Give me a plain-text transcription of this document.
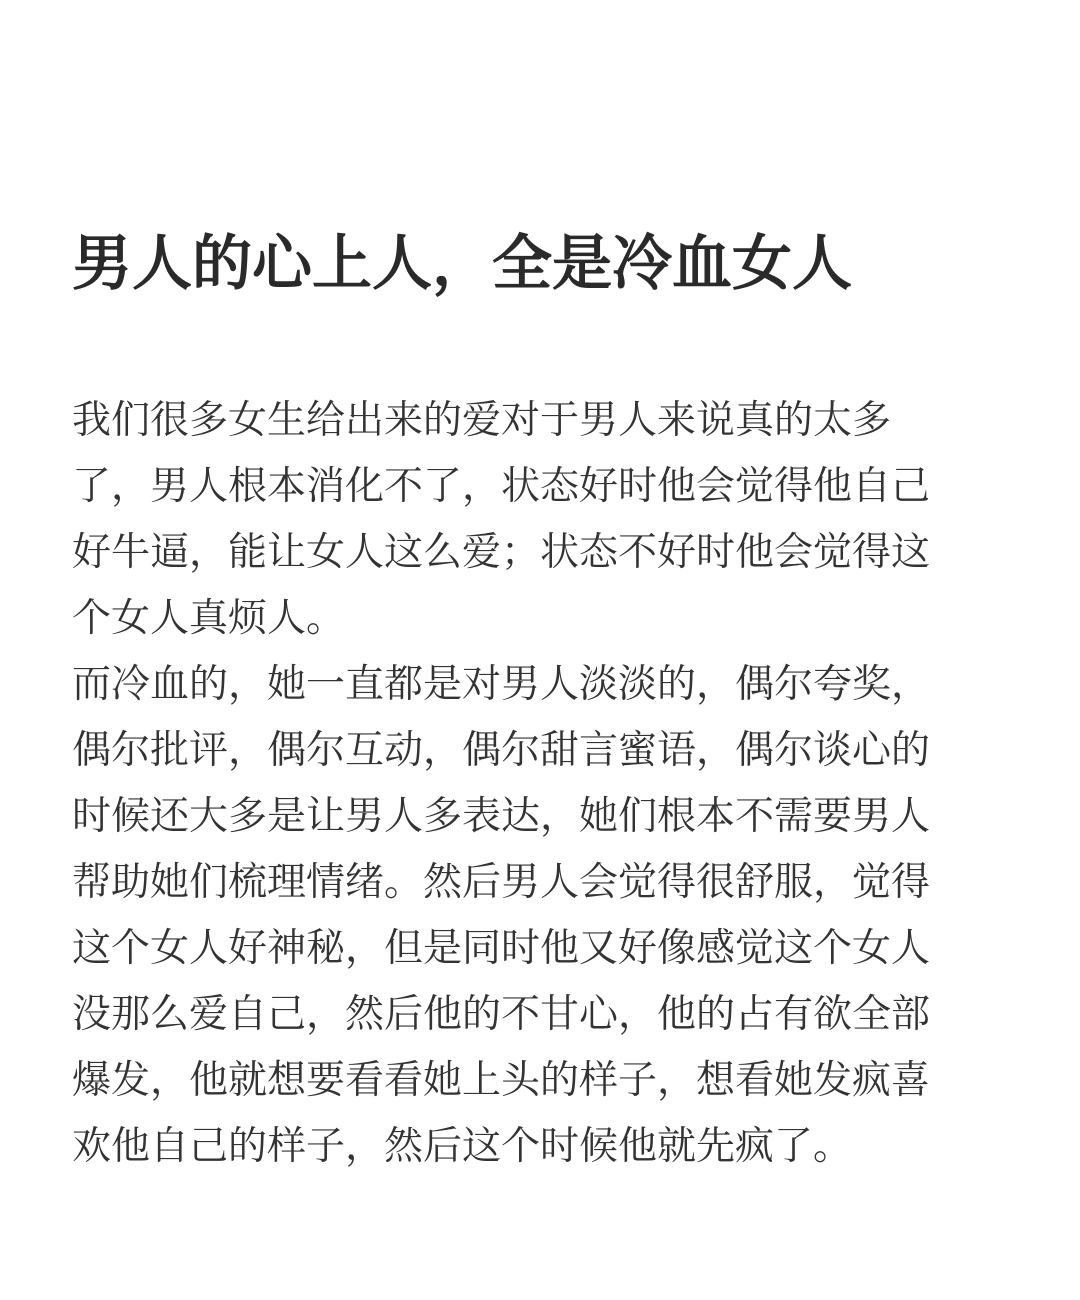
男人的心上人，全是冷血女人
我们很多女生给出来的爱对于男人来说真的太多
了，男人根本消化不了，状态好时他会觉得他自己
好牛逼，能让女人这么爱；状态不好时他会觉得这
个女人真烦人。
而冷血的，她一直都是对男人淡淡的，偶尔夸奖，
偶尔批评，偶尔互动，偶尔甜言蜜语，偶尔谈心的
时候还大多是让男人多表达，她们根本不需要男人
帮助她们梳理情绪。然后男人会觉得很舒服，觉得
这个女人好神秘，但是同时他又好像感觉这个女人
没那么爱自己，然后他的不甘心，他的占有欲全部
爆发，他就想要看看她上头的样子，想看她发疯喜
欢他自己的样子，然后这个时候他就先疯了。
